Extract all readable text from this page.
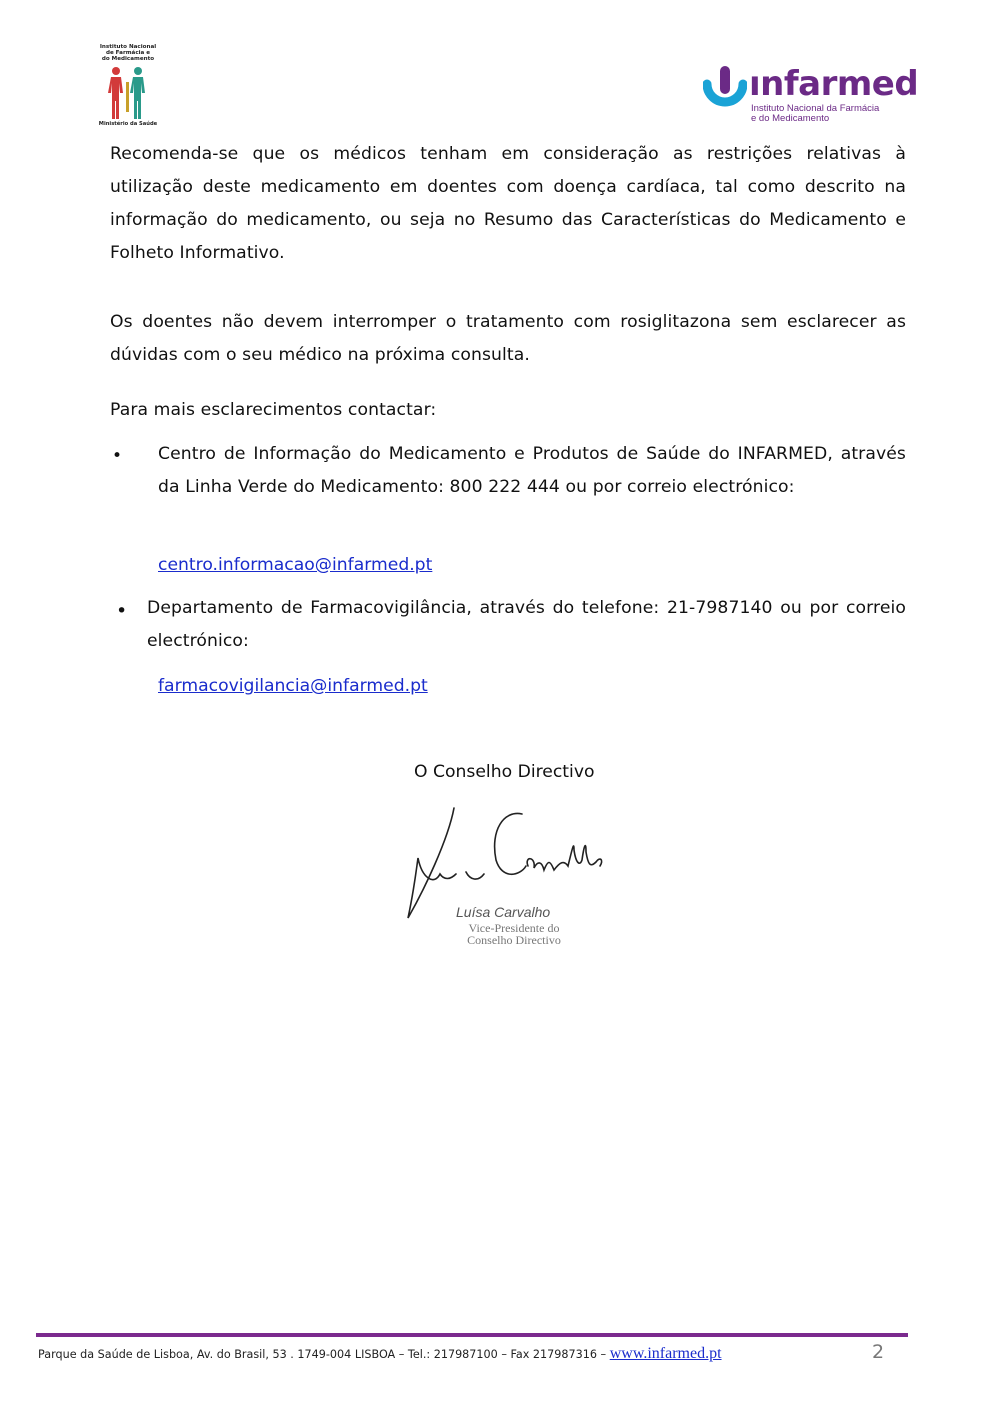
Instituto Nacional
de Farmácia e
do Medicamento
Ministério da Saúde
ınfarmed
Instituto Nacional da Farmácia
e do Medicamento

Recomenda-se que os médicos tenham em consideração as restrições relativas à utilização deste medicamento em doentes com doença cardíaca, tal como descrito na informação do medicamento, ou seja no Resumo das Características do Medicamento e Folheto Informativo.

Os doentes não devem interromper o tratamento com rosiglitazona sem esclarecer as dúvidas com o seu médico na próxima consulta.

Para mais esclarecimentos contactar:

• Centro de Informação do Medicamento e Produtos de Saúde do INFARMED, através da Linha Verde do Medicamento: 800 222 444 ou por correio electrónico:

centro.informacao@infarmed.pt
• Departamento de Farmacovigilância, através do telefone: 21-7987140 ou por correio electrónico:

farmacovigilancia@infarmed.pt
O Conselho Directivo
Luísa Carvalho
Vice-Presidente do
Conselho Directivo
Parque da Saúde de Lisboa, Av. do Brasil, 53 . 1749-004 LISBOA – Tel.: 217987100 – Fax 217987316 – www.infarmed.pt	2
